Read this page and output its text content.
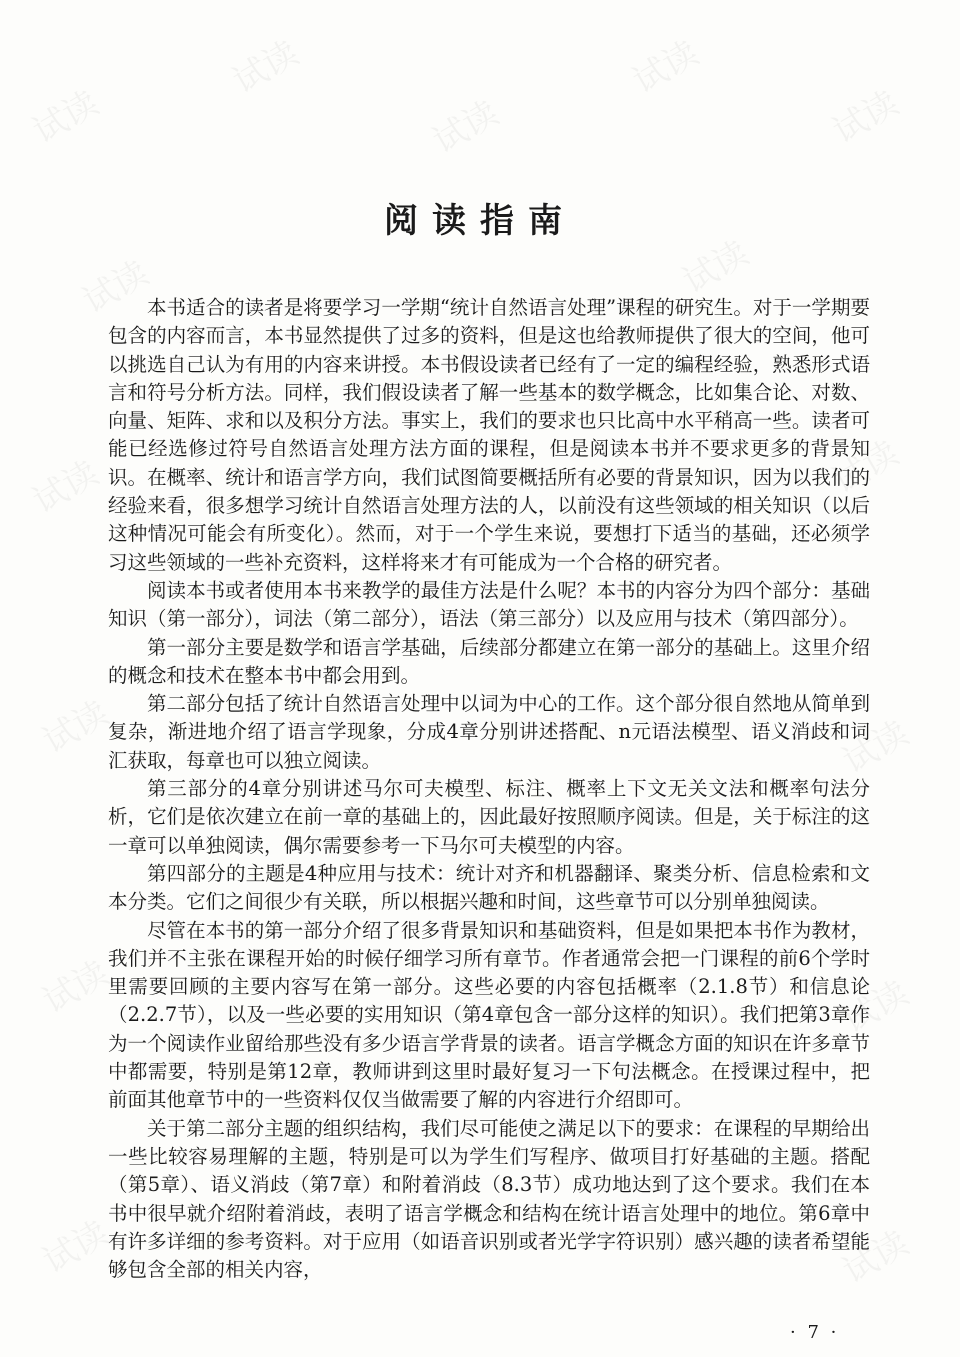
试读
试读
试读
试读
试读
试读	试读
试读	试读
试读	试读
试读	试读
试读	试读
阅读指南

本书适合的读者是将要学习一学期“统计自然语言处理”课程的研究生。对于一学期要包含的内容而言，本书显然提供了过多的资料，但是这也给教师提供了很大的空间，他可以挑选自己认为有用的内容来讲授。本书假设读者已经有了一定的编程经验，熟悉形式语言和符号分析方法。同样，我们假设读者了解一些基本的数学概念，比如集合论、对数、向量、矩阵、求和以及积分方法。事实上，我们的要求也只比高中水平稍高一些。读者可能已经选修过符号自然语言处理方法方面的课程，但是阅读本书并不要求更多的背景知识。在概率、统计和语言学方向，我们试图简要概括所有必要的背景知识，因为以我们的经验来看，很多想学习统计自然语言处理方法的人，以前没有这些领域的相关知识（以后这种情况可能会有所变化）。然而，对于一个学生来说，要想打下适当的基础，还必须学习这些领域的一些补充资料，这样将来才有可能成为一个合格的研究者。

阅读本书或者使用本书来教学的最佳方法是什么呢？本书的内容分为四个部分：基础知识（第一部分），词法（第二部分），语法（第三部分）以及应用与技术（第四部分）。

第一部分主要是数学和语言学基础，后续部分都建立在第一部分的基础上。这里介绍的概念和技术在整本书中都会用到。

第二部分包括了统计自然语言处理中以词为中心的工作。这个部分很自然地从简单到复杂，渐进地介绍了语言学现象，分成4章分别讲述搭配、n元语法模型、语义消歧和词汇获取，每章也可以独立阅读。

第三部分的4章分别讲述马尔可夫模型、标注、概率上下文无关文法和概率句法分析，它们是依次建立在前一章的基础上的，因此最好按照顺序阅读。但是，关于标注的这一章可以单独阅读，偶尔需要参考一下马尔可夫模型的内容。

第四部分的主题是4种应用与技术：统计对齐和机器翻译、聚类分析、信息检索和文本分类。它们之间很少有关联，所以根据兴趣和时间，这些章节可以分别单独阅读。

尽管在本书的第一部分介绍了很多背景知识和基础资料，但是如果把本书作为教材，我们并不主张在课程开始的时候仔细学习所有章节。作者通常会把一门课程的前6个学时里需要回顾的主要内容写在第一部分。这些必要的内容包括概率（2.1.8节）和信息论（2.2.7节），以及一些必要的实用知识（第4章包含一部分这样的知识）。我们把第3章作为一个阅读作业留给那些没有多少语言学背景的读者。语言学概念方面的知识在许多章节中都需要，特别是第12章，教师讲到这里时最好复习一下句法概念。在授课过程中，把前面其他章节中的一些资料仅仅当做需要了解的内容进行介绍即可。

关于第二部分主题的组织结构，我们尽可能使之满足以下的要求：在课程的早期给出一些比较容易理解的主题，特别是可以为学生们写程序、做项目打好基础的主题。搭配（第5章）、语义消歧（第7章）和附着消歧（8.3节）成功地达到了这个要求。我们在本书中很早就介绍附着消歧，表明了语言学概念和结构在统计语言处理中的地位。第6章中有许多详细的参考资料。对于应用（如语音识别或者光学字符识别）感兴趣的读者希望能够包含全部的相关内容，

· 7 ·
